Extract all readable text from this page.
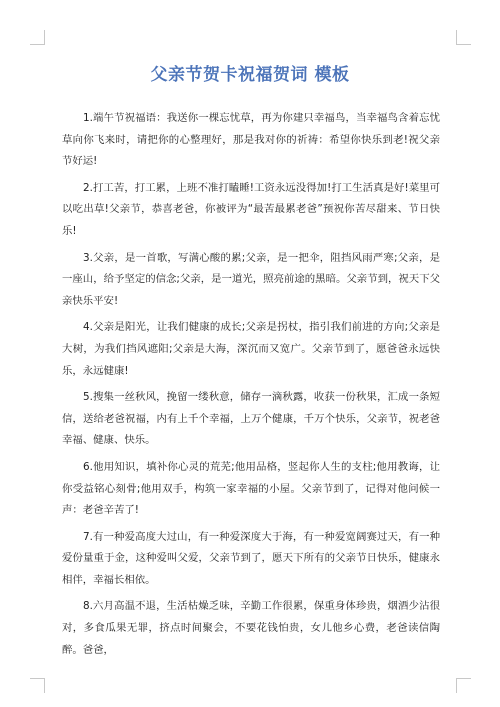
父亲节贺卡祝福贺词 模板

1.端午节祝福语：我送你一棵忘忧草，再为你建只幸福鸟，当幸福鸟含着忘忧草向你飞来时，请把你的心整理好，那是我对你的祈祷：希望你快乐到老!祝父亲节好运!

2.打工苦，打工累，上班不准打瞌睡!工资永远没得加!打工生活真是好!菜里可以吃出草!父亲节，恭喜老爸，你被评为“最苦最累老爸”预祝你苦尽甜来、节日快乐!

3.父亲，是一首歌，写满心酸的累;父亲，是一把伞，阻挡风雨严寒;父亲，是一座山，给予坚定的信念;父亲，是一道光，照亮前途的黑暗。父亲节到，祝天下父亲快乐平安!

4.父亲是阳光，让我们健康的成长;父亲是拐杖，指引我们前进的方向;父亲是大树，为我们挡风遮阳;父亲是大海，深沉而又宽广。父亲节到了，愿爸爸永远快乐，永远健康!

5.搜集一丝秋风，挽留一缕秋意，储存一滴秋露，收获一份秋果，汇成一条短信，送给老爸祝福，内有上千个幸福，上万个健康，千万个快乐，父亲节，祝老爸幸福、健康、快乐。

6.他用知识，填补你心灵的荒芜;他用品格，竖起你人生的支柱;他用教诲，让你受益铭心刻骨;他用双手，构筑一家幸福的小屋。父亲节到了，记得对他问候一声：老爸辛苦了!

7.有一种爱高度大过山，有一种爱深度大于海，有一种爱宽阔赛过天，有一种爱份量重于金，这种爱叫父爱，父亲节到了，愿天下所有的父亲节日快乐，健康永相伴，幸福长相依。

8.六月高温不退，生活枯燥乏味，辛勤工作很累，保重身体珍贵，烟酒少沾很对，多食瓜果无罪，挤点时间聚会，不要花钱怕贵，女儿他乡心费，老爸读信陶醉。爸爸，
